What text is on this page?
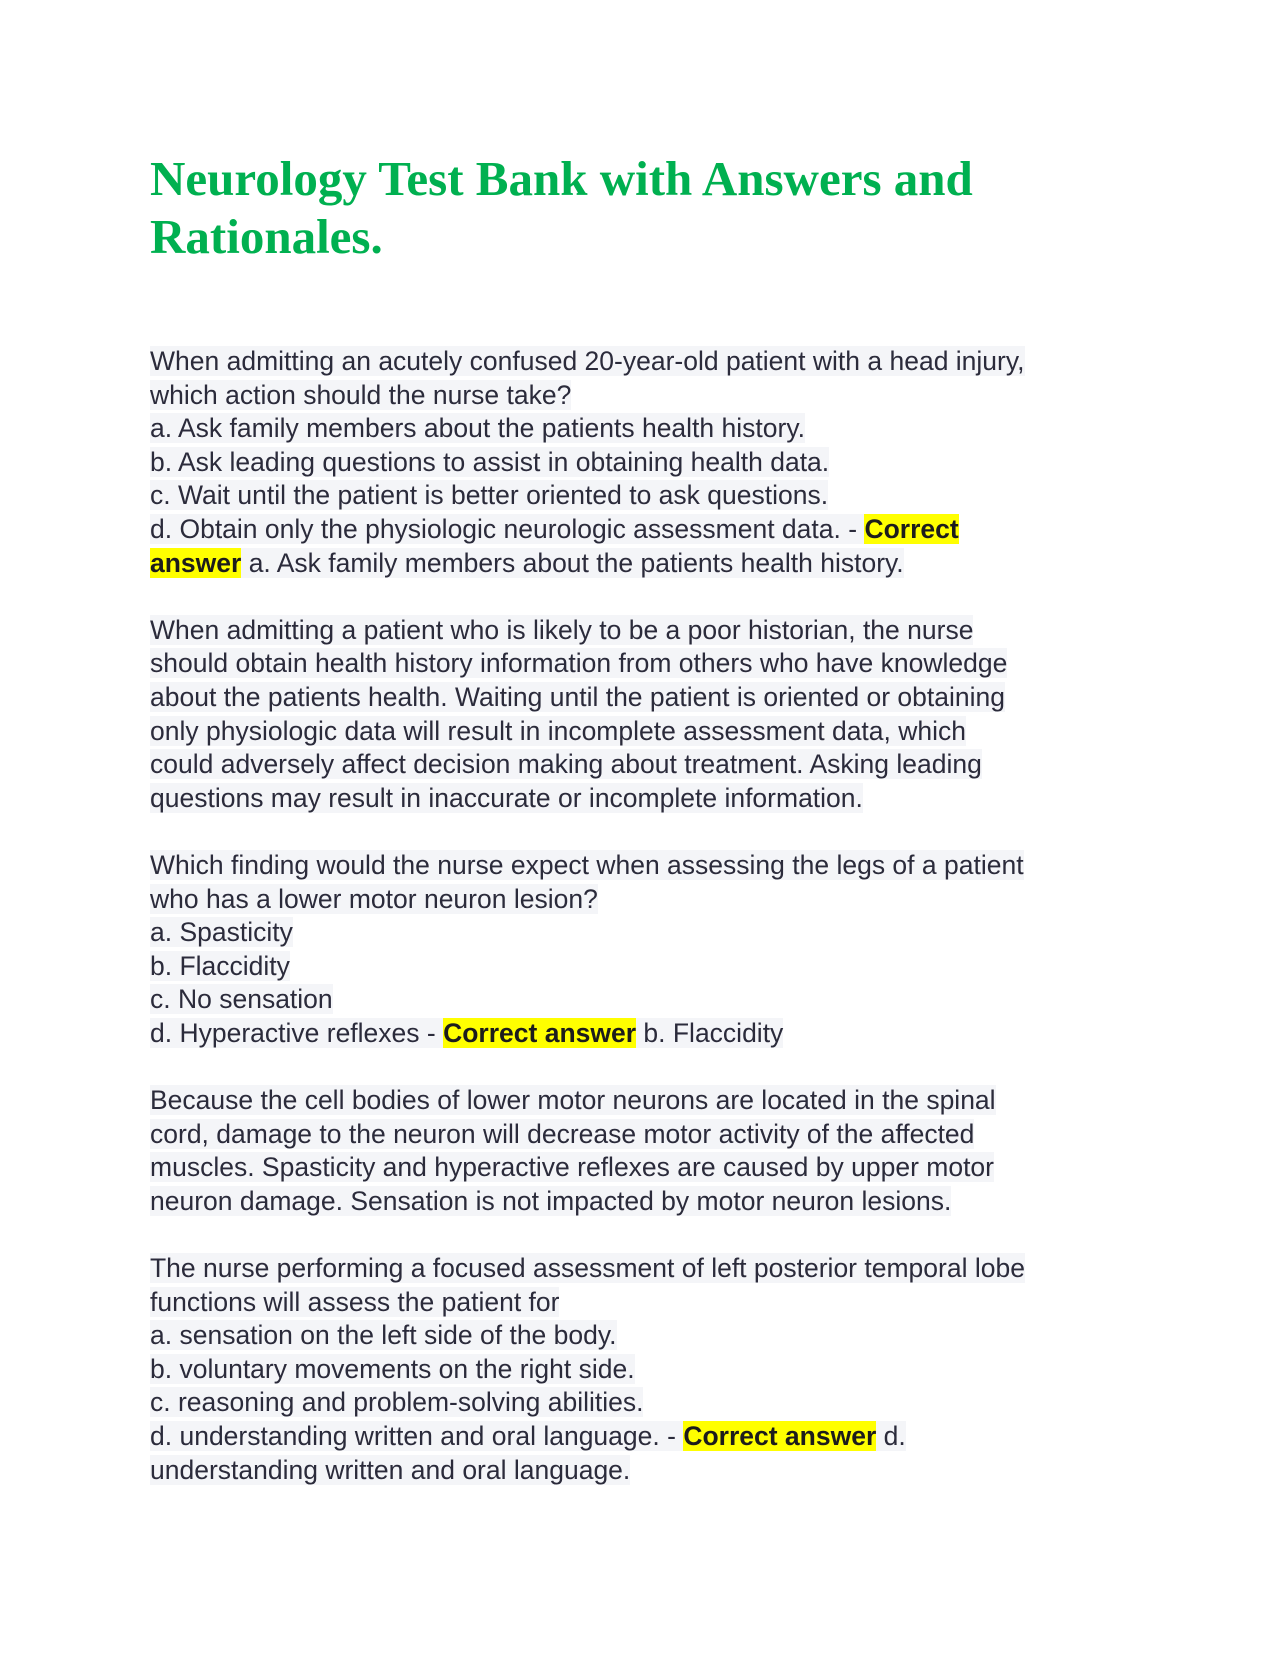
Neurology Test Bank with Answers and Rationales.
When admitting an acutely confused 20-year-old patient with a head injury,
which action should the nurse take?
a. Ask family members about the patients health history.
b. Ask leading questions to assist in obtaining health data.
c. Wait until the patient is better oriented to ask questions.
d. Obtain only the physiologic neurologic assessment data. - Correct
answer a. Ask family members about the patients health history.
When admitting a patient who is likely to be a poor historian, the nurse
should obtain health history information from others who have knowledge
about the patients health. Waiting until the patient is oriented or obtaining
only physiologic data will result in incomplete assessment data, which
could adversely affect decision making about treatment. Asking leading
questions may result in inaccurate or incomplete information.
Which finding would the nurse expect when assessing the legs of a patient
who has a lower motor neuron lesion?
a. Spasticity
b. Flaccidity
c. No sensation
d. Hyperactive reflexes - Correct answer b. Flaccidity
Because the cell bodies of lower motor neurons are located in the spinal
cord, damage to the neuron will decrease motor activity of the affected
muscles. Spasticity and hyperactive reflexes are caused by upper motor
neuron damage. Sensation is not impacted by motor neuron lesions.
The nurse performing a focused assessment of left posterior temporal lobe
functions will assess the patient for
a. sensation on the left side of the body.
b. voluntary movements on the right side.
c. reasoning and problem-solving abilities.
d. understanding written and oral language. - Correct answer d.
understanding written and oral language.
